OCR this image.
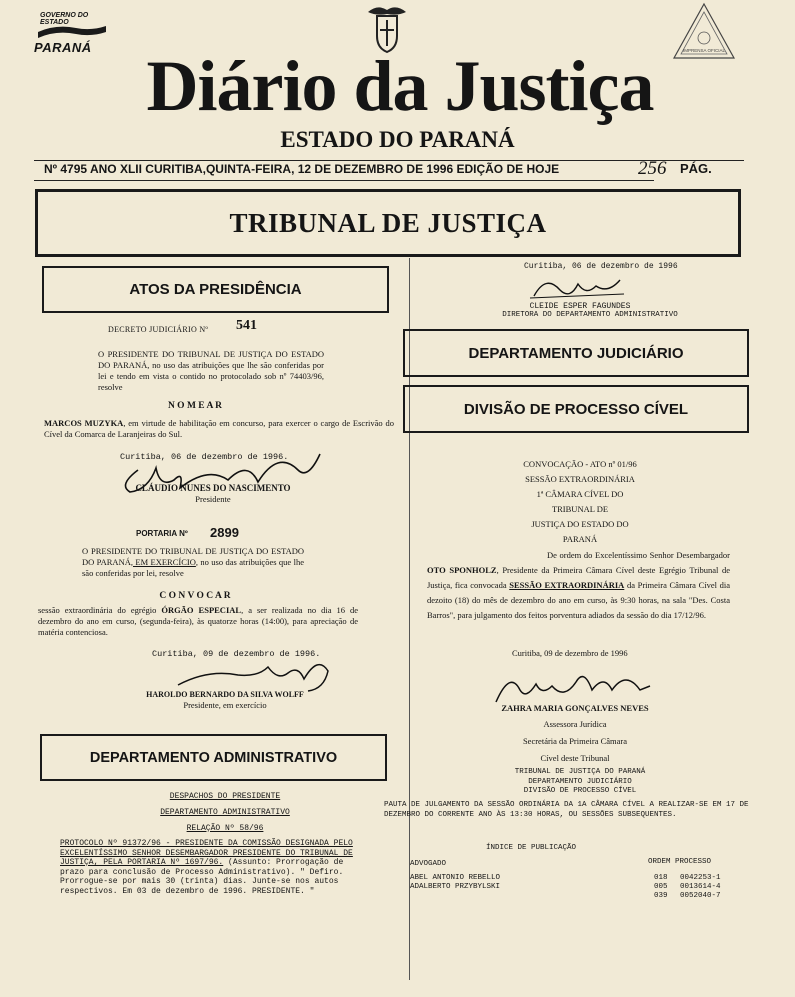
GOVERNO DO ESTADO
PARANÁ	IMPRENSA OFICIAL
Diário da Justiça
ESTADO DO PARANÁ
Nº 4795 ANO XLII CURITIBA,QUINTA-FEIRA, 12 DE DEZEMBRO DE 1996 EDIÇÃO DE HOJE	256 PÁG.
TRIBUNAL DE JUSTIÇA
ATOS DA PRESIDÊNCIA
DECRETO JUDICIÁRIO Nº 541
O PRESIDENTE DO TRIBUNAL DE JUSTIÇA DO ESTADO DO PARANÁ, no uso das atribuições que lhe são conferidas por lei e tendo em vista o contido no protocolado sob nº 74403/96, resolve
N O M E A R
MARCOS MUZYKA, em virtude de habilitação em concurso, para exercer o cargo de Escrivão do Cível da Comarca de Laranjeiras do Sul.
Curitiba, 06 de dezembro de 1996.
CLÁUDIO NUNES DO NASCIMENTO
Presidente
PORTARIA Nº 2899
O PRESIDENTE DO TRIBUNAL DE JUSTIÇA DO ESTADO DO PARANÁ, EM EXERCÍCIO, no uso das atribuições que lhe são conferidas por lei, resolve
C O N V O C A R
sessão extraordinária do egrégio ÓRGÃO ESPECIAL, a ser realizada no dia 16 de dezembro do ano em curso, (segunda-feira), às quatorze horas (14:00), para apreciação de matéria contenciosa.
Curitiba, 09 de dezembro de 1996.
HAROLDO BERNARDO DA SILVA WOLFF
Presidente, em exercício
DEPARTAMENTO ADMINISTRATIVO
DESPACHOS DO PRESIDENTE
DEPARTAMENTO ADMINISTRATIVO
RELAÇÃO Nº 58/96
PROTOCOLO Nº 91372/96 - PRESIDENTE DA COMISSÃO DESIGNADA PELO EXCELENTÍSSIMO SENHOR DESEMBARGADOR PRESIDENTE DO TRIBUNAL DE JUSTIÇA, PELA PORTARIA Nº 1697/96. (Assunto: Prorrogação de prazo para conclusão de Processo Administrativo). " Defiro. Prorrogue-se por mais 30 (trinta) dias. Junte-se nos autos respectivos. Em 03 de dezembro de 1996. PRESIDENTE. "
Curitiba, 06 de dezembro de 1996
CLEIDE ESPER FAGUNDES
DIRETORA DO DEPARTAMENTO ADMINISTRATIVO
DEPARTAMENTO JUDICIÁRIO
DIVISÃO DE PROCESSO CÍVEL
CONVOCAÇÃO - ATO nº 01/96
SESSÃO EXTRAORDINÁRIA
1ª CÂMARA CÍVEL DO
TRIBUNAL DE
JUSTIÇA DO ESTADO DO
PARANÁ
De ordem do Excelentíssimo Senhor Desembargador OTO SPONHOLZ, Presidente da Primeira Câmara Cível deste Egrégio Tribunal de Justiça, fica convocada SESSÃO EXTRAORDINÁRIA da Primeira Câmara Cível dia dezoito (18) do mês de dezembro do ano em curso, às 9:30 horas, na sala "Des. Costa Barros", para julgamento dos feitos porventura adiados da sessão do dia 17/12/96.
Curitiba, 09 de dezembro de 1996
ZAHRA MARIA GONÇALVES NEVES
Assessora Jurídica
Secretária da Primeira Câmara
Cível deste Tribunal
TRIBUNAL DE JUSTIÇA DO PARANÁ
DEPARTAMENTO JUDICIÁRIO
DIVISÃO DE PROCESSO CÍVEL
PAUTA DE JULGAMENTO DA SESSÃO ORDINÁRIA DA 1A CÂMARA CÍVEL A REALIZAR-SE EM 17 DE DEZEMBRO DO CORRENTE ANO ÀS 13:30 HORAS, OU SESSÕES SUBSEQUENTES.
ÍNDICE DE PUBLICAÇÃO
ADVOGADO	ORDEM PROCESSO
ABEL ANTONIO REBELLO	018 0042253-1
ADALBERTO PRZYBYLSKI	005 0013614-4
039 0052040-7
